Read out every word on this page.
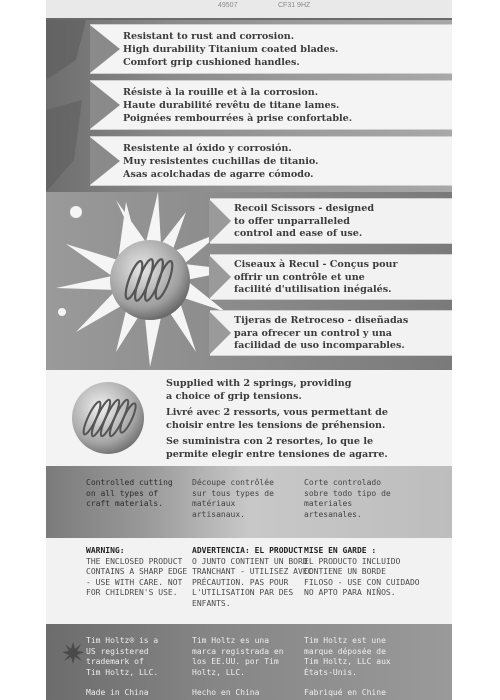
49507	CF31 9HZ

Resistant to rust and corrosion.

High durability Titanium coated blades.

Comfort grip cushioned handles.

Résiste à la rouille et à la corrosion.

Haute durabilité revêtu de titane lames.

Poignées rembourrées à prise confortable.

Resistente al óxido y corrosión.

Muy resistentes cuchillas de titanio.

Asas acolchadas de agarre cómodo.

Recoil Scissors - designed

to offer unparralleled

control and ease of use.

Ciseaux à Recul - Conçus pour

offrir un contrôle et une

facilité d'utilisation inégalés.

Tijeras de Retroceso - diseñadas

para ofrecer un control y una

facilidad de uso incomparables.

Supplied with 2 springs, providing

a choice of grip tensions.

Livré avec 2 ressorts, vous permettant de

choisir entre les tensions de préhension.

Se suministra con 2 resortes, lo que le

permite elegir entre tensiones de agarre.

Controlled cutting
on all types of
craft materials.
Découpe contrôlée
sur tous types de
matériaux
artisanaux.
Corte controlado
sobre todo tipo de
materiales
artesanales.
WARNING:
THE ENCLOSED PRODUCT
CONTAINS A SHARP EDGE
- USE WITH CARE. NOT
FOR CHILDREN'S USE.
ADVERTENCIA: EL PRODUCT
O JUNTO CONTIENT UN BORD
TRANCHANT - UTILISEZ AVEC
PRÉCAUTION. PAS POUR
L'UTILISATION PAR DES
ENFANTS.
MISE EN GARDE :
EL PRODUCTO INCLUIDO
CONTIENE UN BORDE
FILOSO - USE CON CUIDADO
NO APTO PARA NIÑOS.
Tim Holtz® is a
US registered
trademark of
Tim Holtz, LLC.
Tim Holtz es una
marca registrada en
los EE.UU. por Tim
Holtz, LLC.
Tim Holtz est une
marque déposée de
Tim Holtz, LLC aux
États-Unis.
Made in China	Hecho en China	Fabriqué en Chine
